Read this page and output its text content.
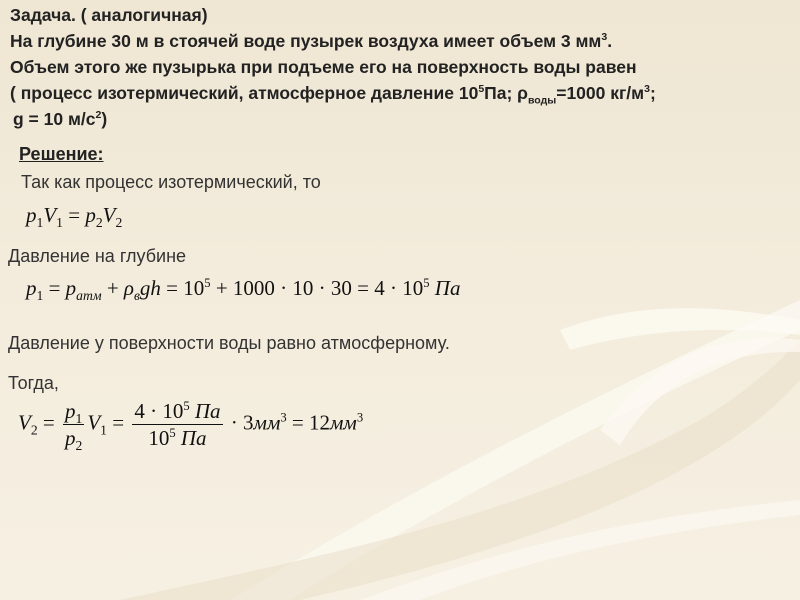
Задача. ( аналогичная)
На глубине 30 м в стоячей воде пузырек воздуха имеет объем 3 $мм^3$.
Объем этого же пузырька при подъеме его на поверхность воды равен
( процесс изотермический, атмосферное давление $10^5Па$; $\rho_{воды}=1000$ $кг/м^3$;
g = 10 $м/с^2$)
Решение:
Так как процесс изотермический, то
$p_1V_1 = p_2V_2$
Давление на глубине
$p_1 = p_{атм} + \rho_вgh = 10^5 + 1000 \cdot 10 \cdot 30 = 4 \cdot 10^5$ Па
Давление у поверхности воды равно атмосферному.
Тогда,
$V_2 = \frac{p_1}{p_2} V_1 = \frac{4 \cdot 10^5 Па}{10^5 Па} \cdot 3мм^3 = 12мм^3$
